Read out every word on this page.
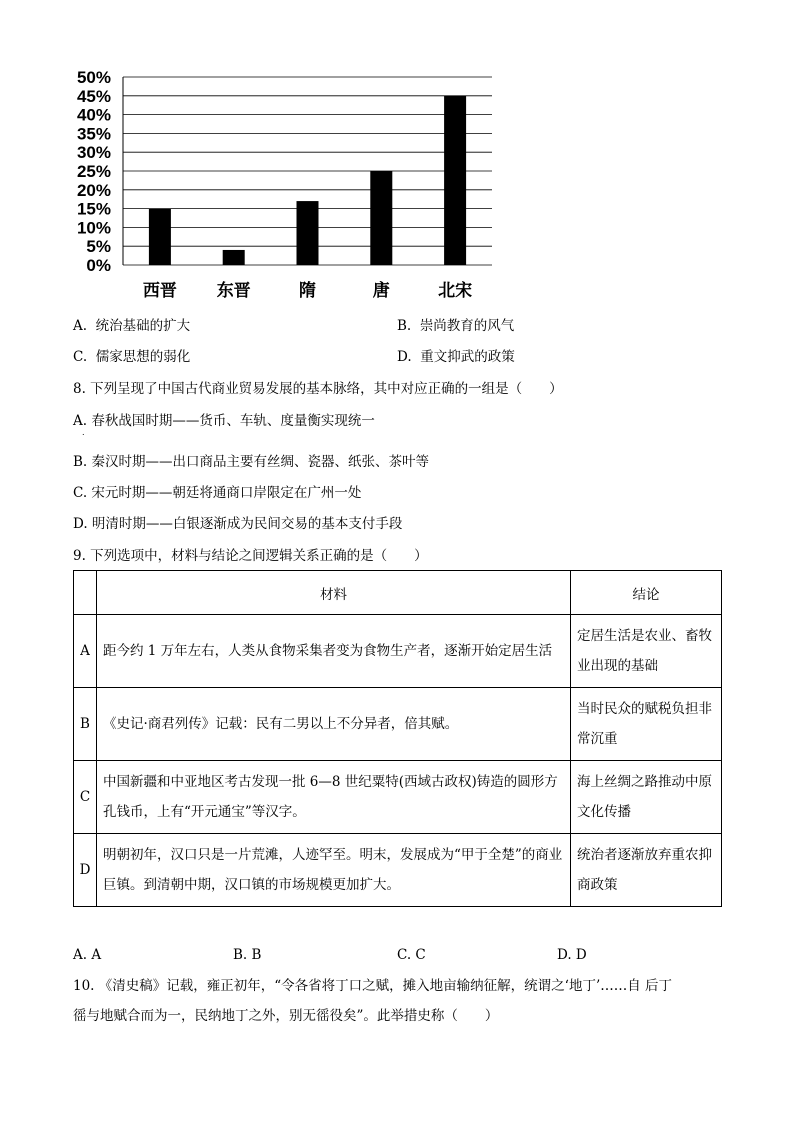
0%
5%
10%
15%
20%
25%
30%
35%
40%
45%
50%
西晋 东晋	隋	唐	北宋
A. 统治基础的扩大	B. 崇尚教育的风气
C. 儒家思想的弱化	D. 重文抑武的政策
8. 下列呈现了中国古代商业贸易发展的基本脉络，其中对应正确的一组是（　　）
A. 春秋战国时期——货币、车轨、度量衡实现统一
.
B. 秦汉时期——出口商品主要有丝绸、瓷器、纸张、茶叶等
C. 宋元时期——朝廷将通商口岸限定在广州一处
D. 明清时期——白银逐渐成为民间交易的基本支付手段
9. 下列选项中，材料与结论之间逻辑关系正确的是（　　）
	材料	结论
A	距今约 1 万年左右，人类从食物采集者变为食物生产者，逐渐开始定居生活	定居生活是农业、畜牧业出现的基础
B	《史记·商君列传》记载：民有二男以上不分异者，倍其赋。	当时民众的赋税负担非常沉重
C	中国新疆和中亚地区考古发现一批 6—8 世纪粟特(西域古政权)铸造的圆形方孔钱币，上有“开元通宝”等汉字。	海上丝绸之路推动中原文化传播
D	明朝初年，汉口只是一片荒滩，人迹罕至。明末，发展成为“甲于全楚”的商业巨镇。到清朝中期，汉口镇的市场规模更加扩大。	统治者逐渐放弃重农抑商政策
A. A	B. B	C. C	D. D
10. 《清史稿》记载，雍正初年，“令各省将丁口之赋，摊入地亩输纳征解，统谓之‘地丁’……自 后丁
徭与地赋合而为一，民纳地丁之外，别无徭役矣”。此举措史称（　　）
